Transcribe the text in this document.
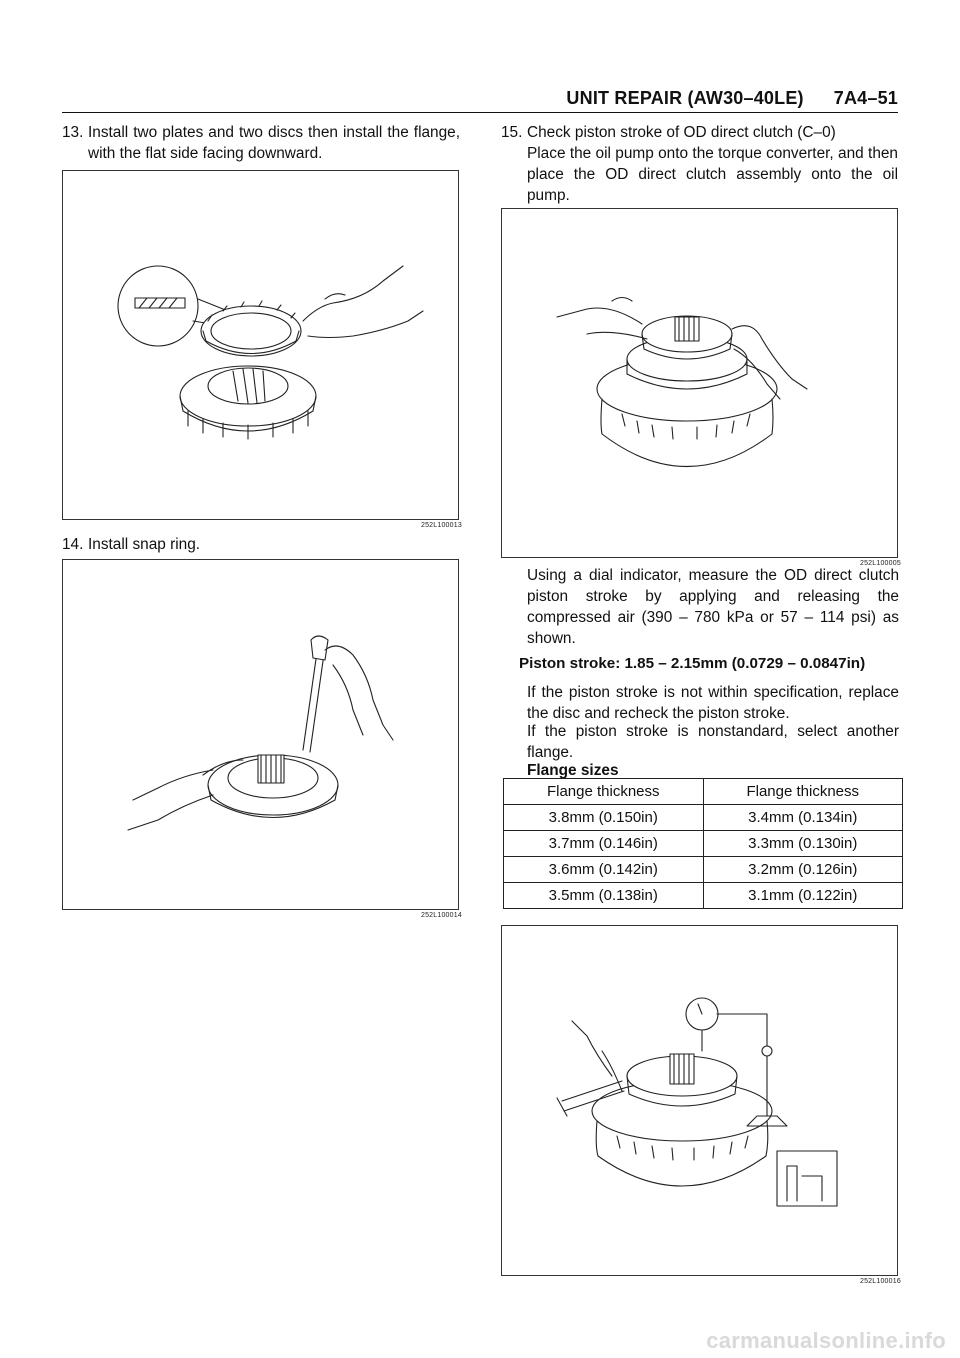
UNIT REPAIR (AW30–40LE) 7A4–51
13. Install two plates and two discs then install the flange, with the flat side facing downward.
252L100013
14. Install snap ring.
252L100014
15. Check piston stroke of OD direct clutch (C–0)
Place the oil pump onto the torque converter, and then place the OD direct clutch assembly onto the oil pump.
252L100005
Using a dial indicator, measure the OD direct clutch piston stroke by applying and releasing the compressed air (390 – 780 kPa or 57 – 114 psi) as shown.
Piston stroke: 1.85 – 2.15mm (0.0729 – 0.0847in)
If the piston stroke is not within specification, replace the disc and recheck the piston stroke.
If the piston stroke is nonstandard, select another flange.
Flange sizes
Flange thickness	Flange thickness
3.8mm (0.150in)	3.4mm (0.134in)
3.7mm (0.146in)	3.3mm (0.130in)
3.6mm (0.142in)	3.2mm (0.126in)
3.5mm (0.138in)	3.1mm (0.122in)
252L100016
carmanualsonline.info
